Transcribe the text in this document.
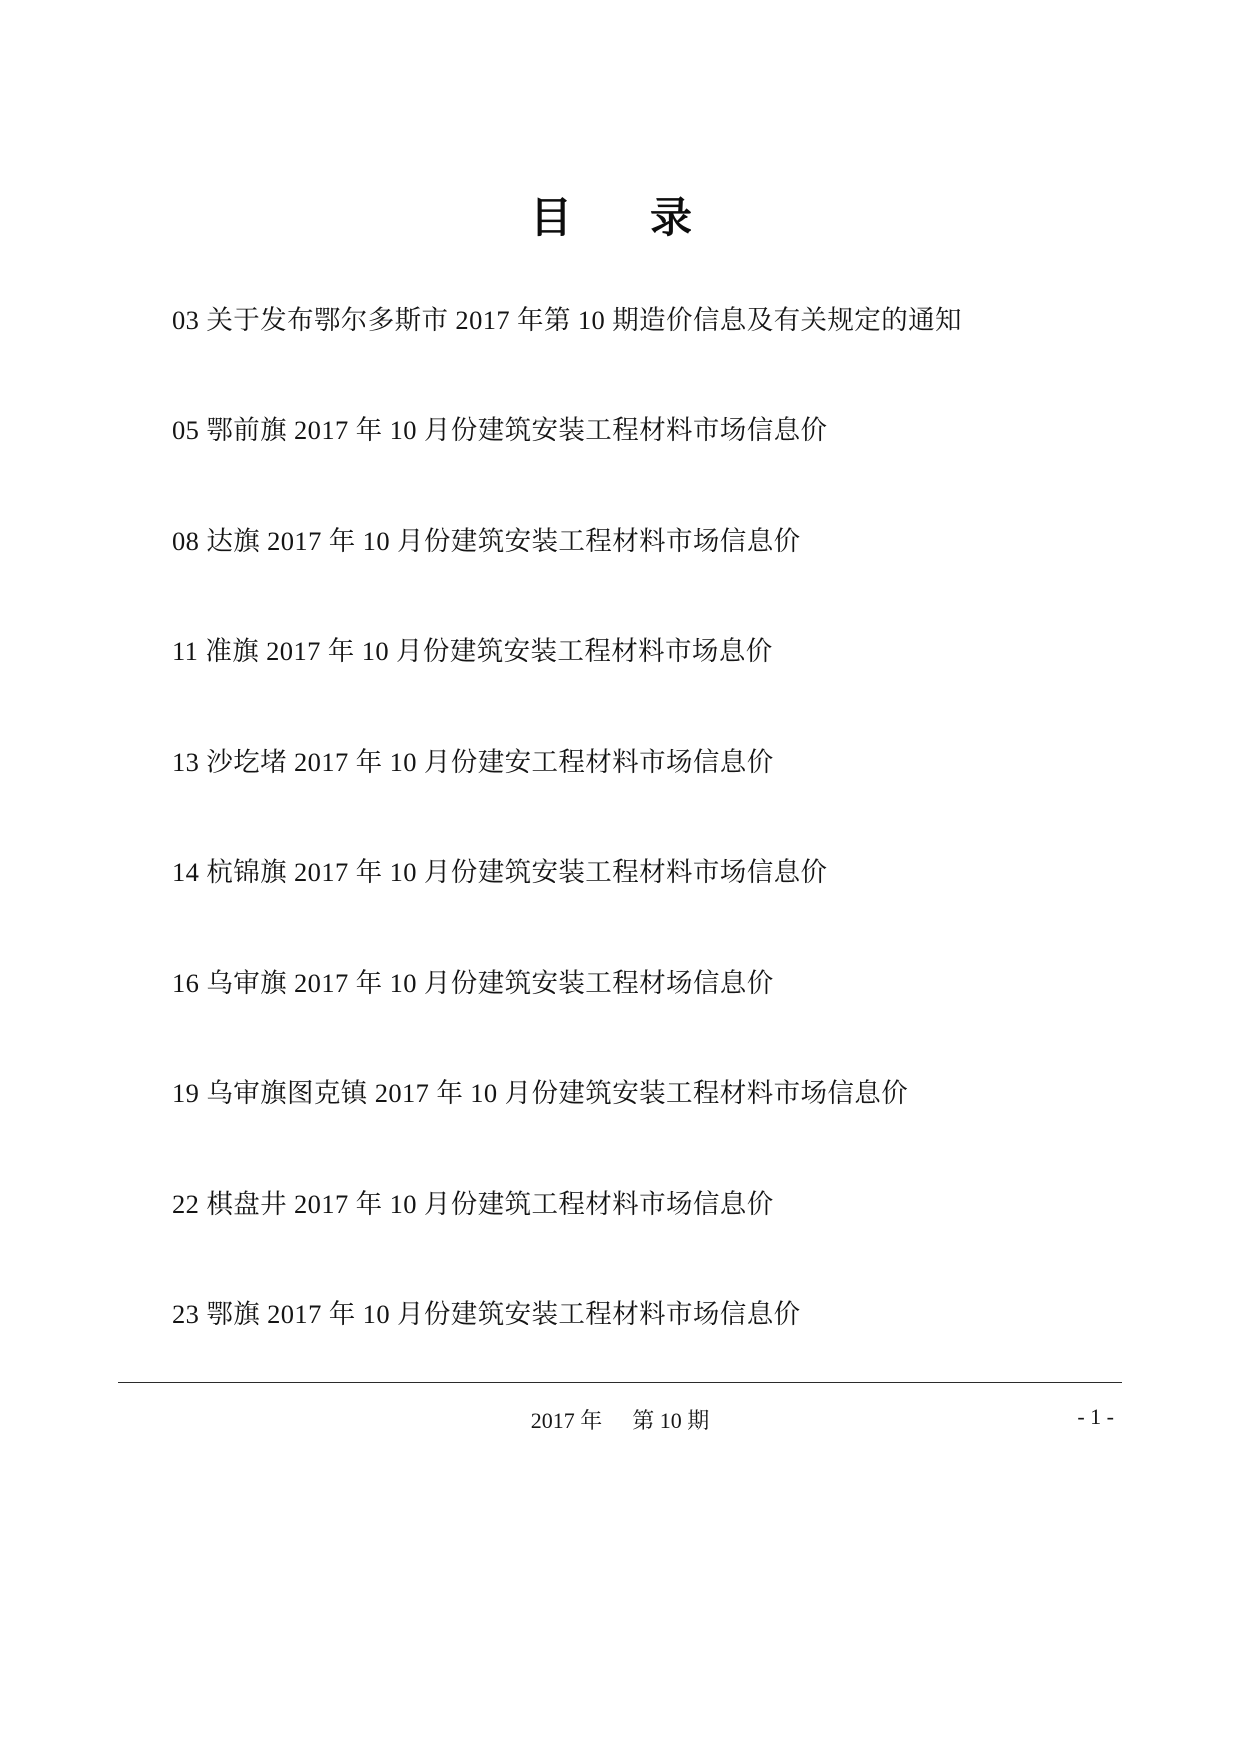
目　录
03 关于发布鄂尔多斯市 2017 年第 10 期造价信息及有关规定的通知
05 鄂前旗 2017 年 10 月份建筑安装工程材料市场信息价
08 达旗 2017 年 10 月份建筑安装工程材料市场信息价
11 准旗 2017 年 10 月份建筑安装工程材料市场息价
13 沙圪堵 2017 年 10 月份建安工程材料市场信息价
14 杭锦旗 2017 年 10 月份建筑安装工程材料市场信息价
16 乌审旗 2017 年 10 月份建筑安装工程材场信息价
19 乌审旗图克镇 2017 年 10 月份建筑安装工程材料市场信息价
22 棋盘井 2017 年 10 月份建筑工程材料市场信息价
23 鄂旗 2017 年 10 月份建筑安装工程材料市场信息价
2017 年 第 10 期	- 1 -
